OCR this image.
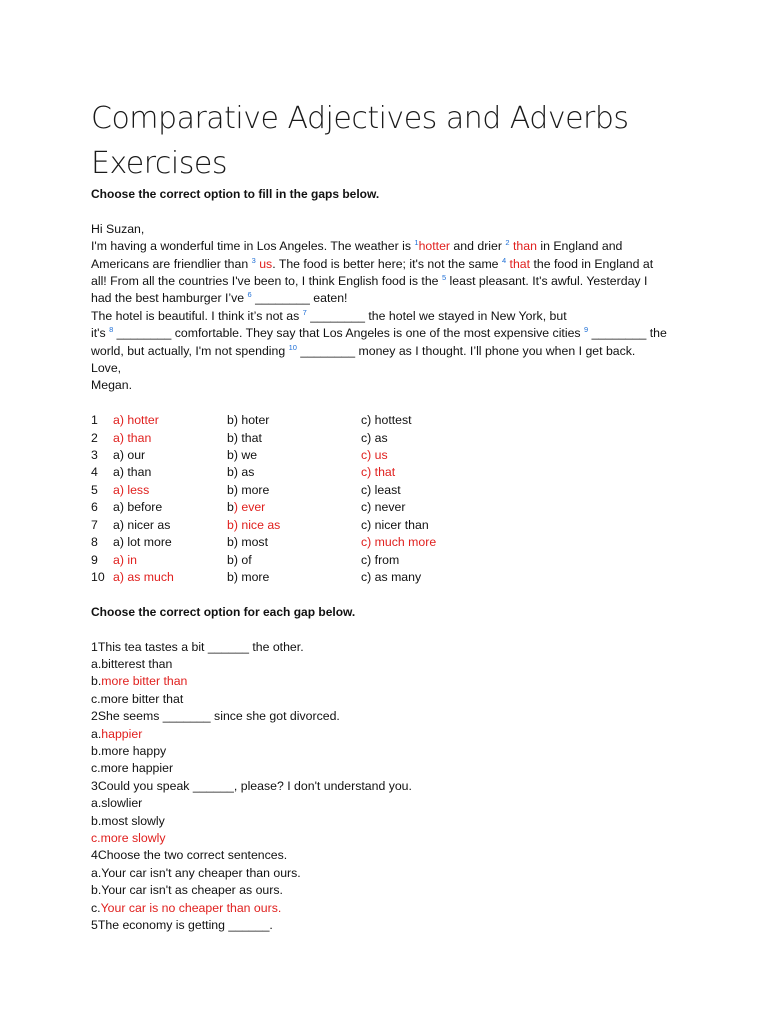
Comparative Adjectives and Adverbs
Exercises
Choose the correct option to fill in the gaps below.
Hi Suzan,
I'm having a wonderful time in Los Angeles. The weather is $^1$hotter and drier $^2$ than in England and
Americans are friendlier than $^3$ us. The food is better here; it's not the same $^4$ that the food in England at
all! From all the countries I've been to, I think English food is the $^5$ least pleasant. It's awful. Yesterday I
had the best hamburger I’ve $^6$ ________ eaten!
The hotel is beautiful. I think it’s not as $^7$ ________ the hotel we stayed in New York, but
it's $^8$ ________ comfortable. They say that Los Angeles is one of the most expensive cities $^9$ ________ the
world, but actually, I'm not spending $^{10}$ ________ money as I thought. I’ll phone you when I get back.
Love,
Megan.
1	a) hotter	b) hoter	c) hottest
2	a) than	b) that	c) as
3	a) our	b) we	c) us
4	a) than	b) as	c) that
5	a) less	b) more	c) least
6	a) before	b) ever	c) never
7	a) nicer as	b) nice as	c) nicer than
8	a) lot more	b) most	c) much more
9	a) in	b) of	c) from
10 a) as much	b) more	c) as many
Choose the correct option for each gap below.
1This tea tastes a bit ______ the other.
a.bitterest than
b.more bitter than
c.more bitter that
2She seems _______ since she got divorced.
a.happier
b.more happy
c.more happier
3Could you speak ______, please? I don't understand you.
a.slowlier
b.most slowly
c.more slowly
4Choose the two correct sentences.
a.Your car isn't any cheaper than ours.
b.Your car isn't as cheaper as ours.
c.Your car is no cheaper than ours.
5The economy is getting ______.
